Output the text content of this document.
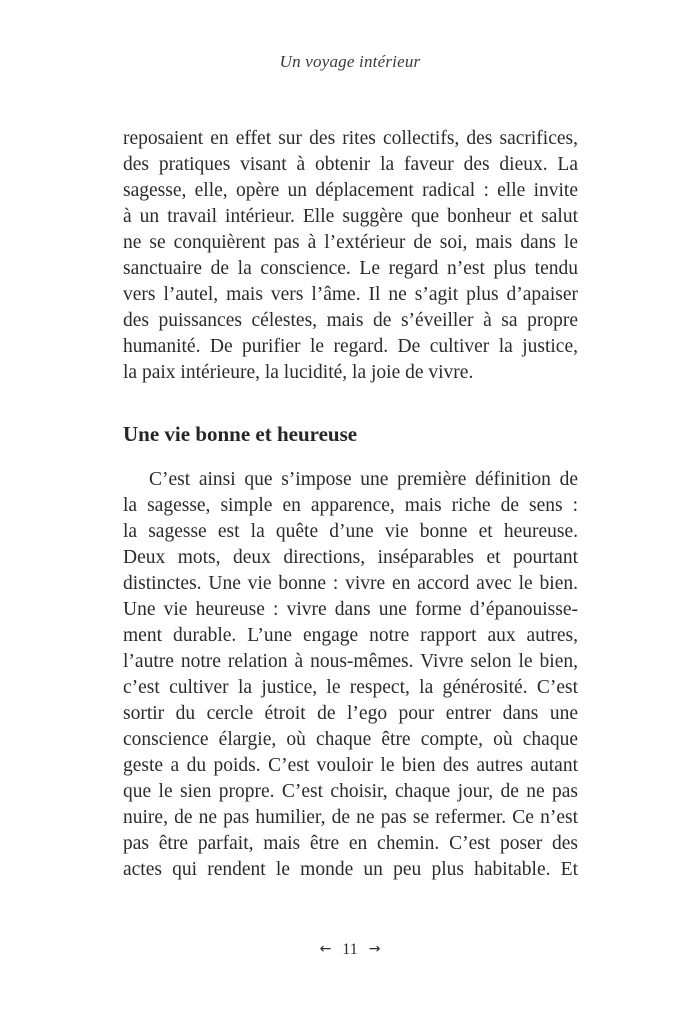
Un voyage intérieur
reposaient en effet sur des rites collectifs, des sacrifices,
des pratiques visant à obtenir la faveur des dieux. La
sagesse, elle, opère un déplacement radical : elle invite
à un travail intérieur. Elle suggère que bonheur et salut
ne se conquièrent pas à l’extérieur de soi, mais dans le
sanctuaire de la conscience. Le regard n’est plus tendu
vers l’autel, mais vers l’âme. Il ne s’agit plus d’apaiser
des puissances célestes, mais de s’éveiller à sa propre
humanité. De purifier le regard. De cultiver la justice,
la paix intérieure, la lucidité, la joie de vivre.
Une vie bonne et heureuse
C’est ainsi que s’impose une première définition de
la sagesse, simple en apparence, mais riche de sens :
la sagesse est la quête d’une vie bonne et heureuse.
Deux mots, deux directions, inséparables et pourtant
distinctes. Une vie bonne : vivre en accord avec le bien.
Une vie heureuse : vivre dans une forme d’épanouisse-
ment durable. L’une engage notre rapport aux autres,
l’autre notre relation à nous-mêmes. Vivre selon le bien,
c’est cultiver la justice, le respect, la générosité. C’est
sortir du cercle étroit de l’ego pour entrer dans une
conscience élargie, où chaque être compte, où chaque
geste a du poids. C’est vouloir le bien des autres autant
que le sien propre. C’est choisir, chaque jour, de ne pas
nuire, de ne pas humilier, de ne pas se refermer. Ce n’est
pas être parfait, mais être en chemin. C’est poser des
actes qui rendent le monde un peu plus habitable. Et
← 11 →
